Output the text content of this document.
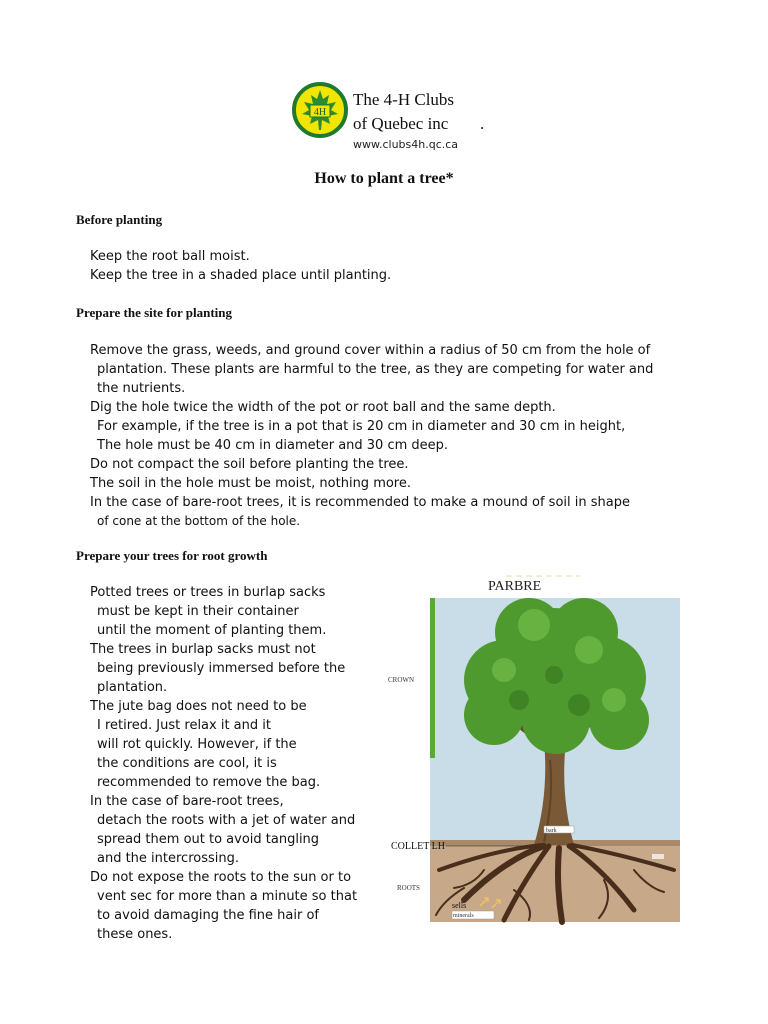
4H
The 4-H Clubs
of Quebec inc .
www.clubs4h.qc.ca
How to plant a tree*
Before planting
Keep the root ball moist.
Keep the tree in a shaded place until planting.
Prepare the site for planting
Remove the grass, weeds, and ground cover within a radius of 50 cm from the hole of
plantation. These plants are harmful to the tree, as they are competing for water and
the nutrients.
Dig the hole twice the width of the pot or root ball and the same depth.
For example, if the tree is in a pot that is 20 cm in diameter and 30 cm in height,
The hole must be 40 cm in diameter and 30 cm deep.
Do not compact the soil before planting the tree.
The soil in the hole must be moist, nothing more.
In the case of bare-root trees, it is recommended to make a mound of soil in shape
of cone at the bottom of the hole.
Prepare your trees for root growth
Potted trees or trees in burlap sacks
must be kept in their container
until the moment of planting them.
The trees in burlap sacks must not
being previously immersed before the
plantation.
The jute bag does not need to be
I retired. Just relax it and it
will rot quickly. However, if the
the conditions are cool, it is
recommended to remove the bag.
In the case of bare-root trees,
detach the roots with a jet of water and
spread them out to avoid tangling
and the intercrossing.
Do not expose the roots to the sun or to
vent sec for more than a minute so that
to avoid damaging the fine hair of
these ones.
PARBRE
bark
minerals
sells
CROWN
COLLET LH
ROOTS
